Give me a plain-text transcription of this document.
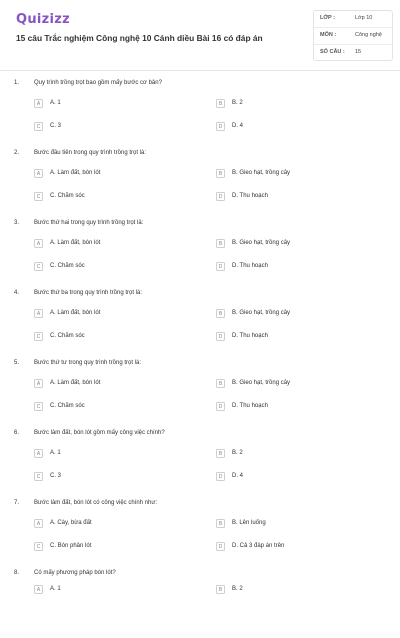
Quizizz
15 câu Trắc nghiệm Công nghệ 10 Cánh diều Bài 16 có đáp án
LỚP :	Lớp 10
MÔN :	Công nghệ
SỐ CÂU : 15
1. Quy trình trồng trọt bao gồm mấy bước cơ bản?
A	A. 1	B	B. 2
C	C. 3	D	D. 4
2. Bước đầu tiên trong quy trình trồng trọt là:
A	A. Làm đất, bón lót	B	B. Gieo hạt, trồng cây
C	C. Chăm sóc	D	D. Thu hoạch
3. Bước thứ hai trong quy trình trồng trọt là:
A	A. Làm đất, bón lót	B	B. Gieo hạt, trồng cây
C	C. Chăm sóc	D	D. Thu hoạch
4. Bước thứ ba trong quy trình trồng trọt là:
A	A. Làm đất, bón lót	B	B. Gieo hạt, trồng cây
C	C. Chăm sóc	D	D. Thu hoạch
5. Bước thứ tư trong quy trình trồng trọt là:
A	A. Làm đất, bón lót	B	B. Gieo hạt, trồng cây
C	C. Chăm sóc	D	D. Thu hoạch
6. Bước làm đất, bón lót gồm mấy công việc chính?
A	A. 1	B	B. 2
C	C. 3	D	D. 4
7. Bước làm đất, bón lót có công việc chính như:
A	A. Cày, bừa đất	B	B. Lên luống
C	C. Bón phân lót	D	D. Cả 3 đáp án trên
8. Có mấy phương pháp bón lót?
A	A. 1	B	B. 2
